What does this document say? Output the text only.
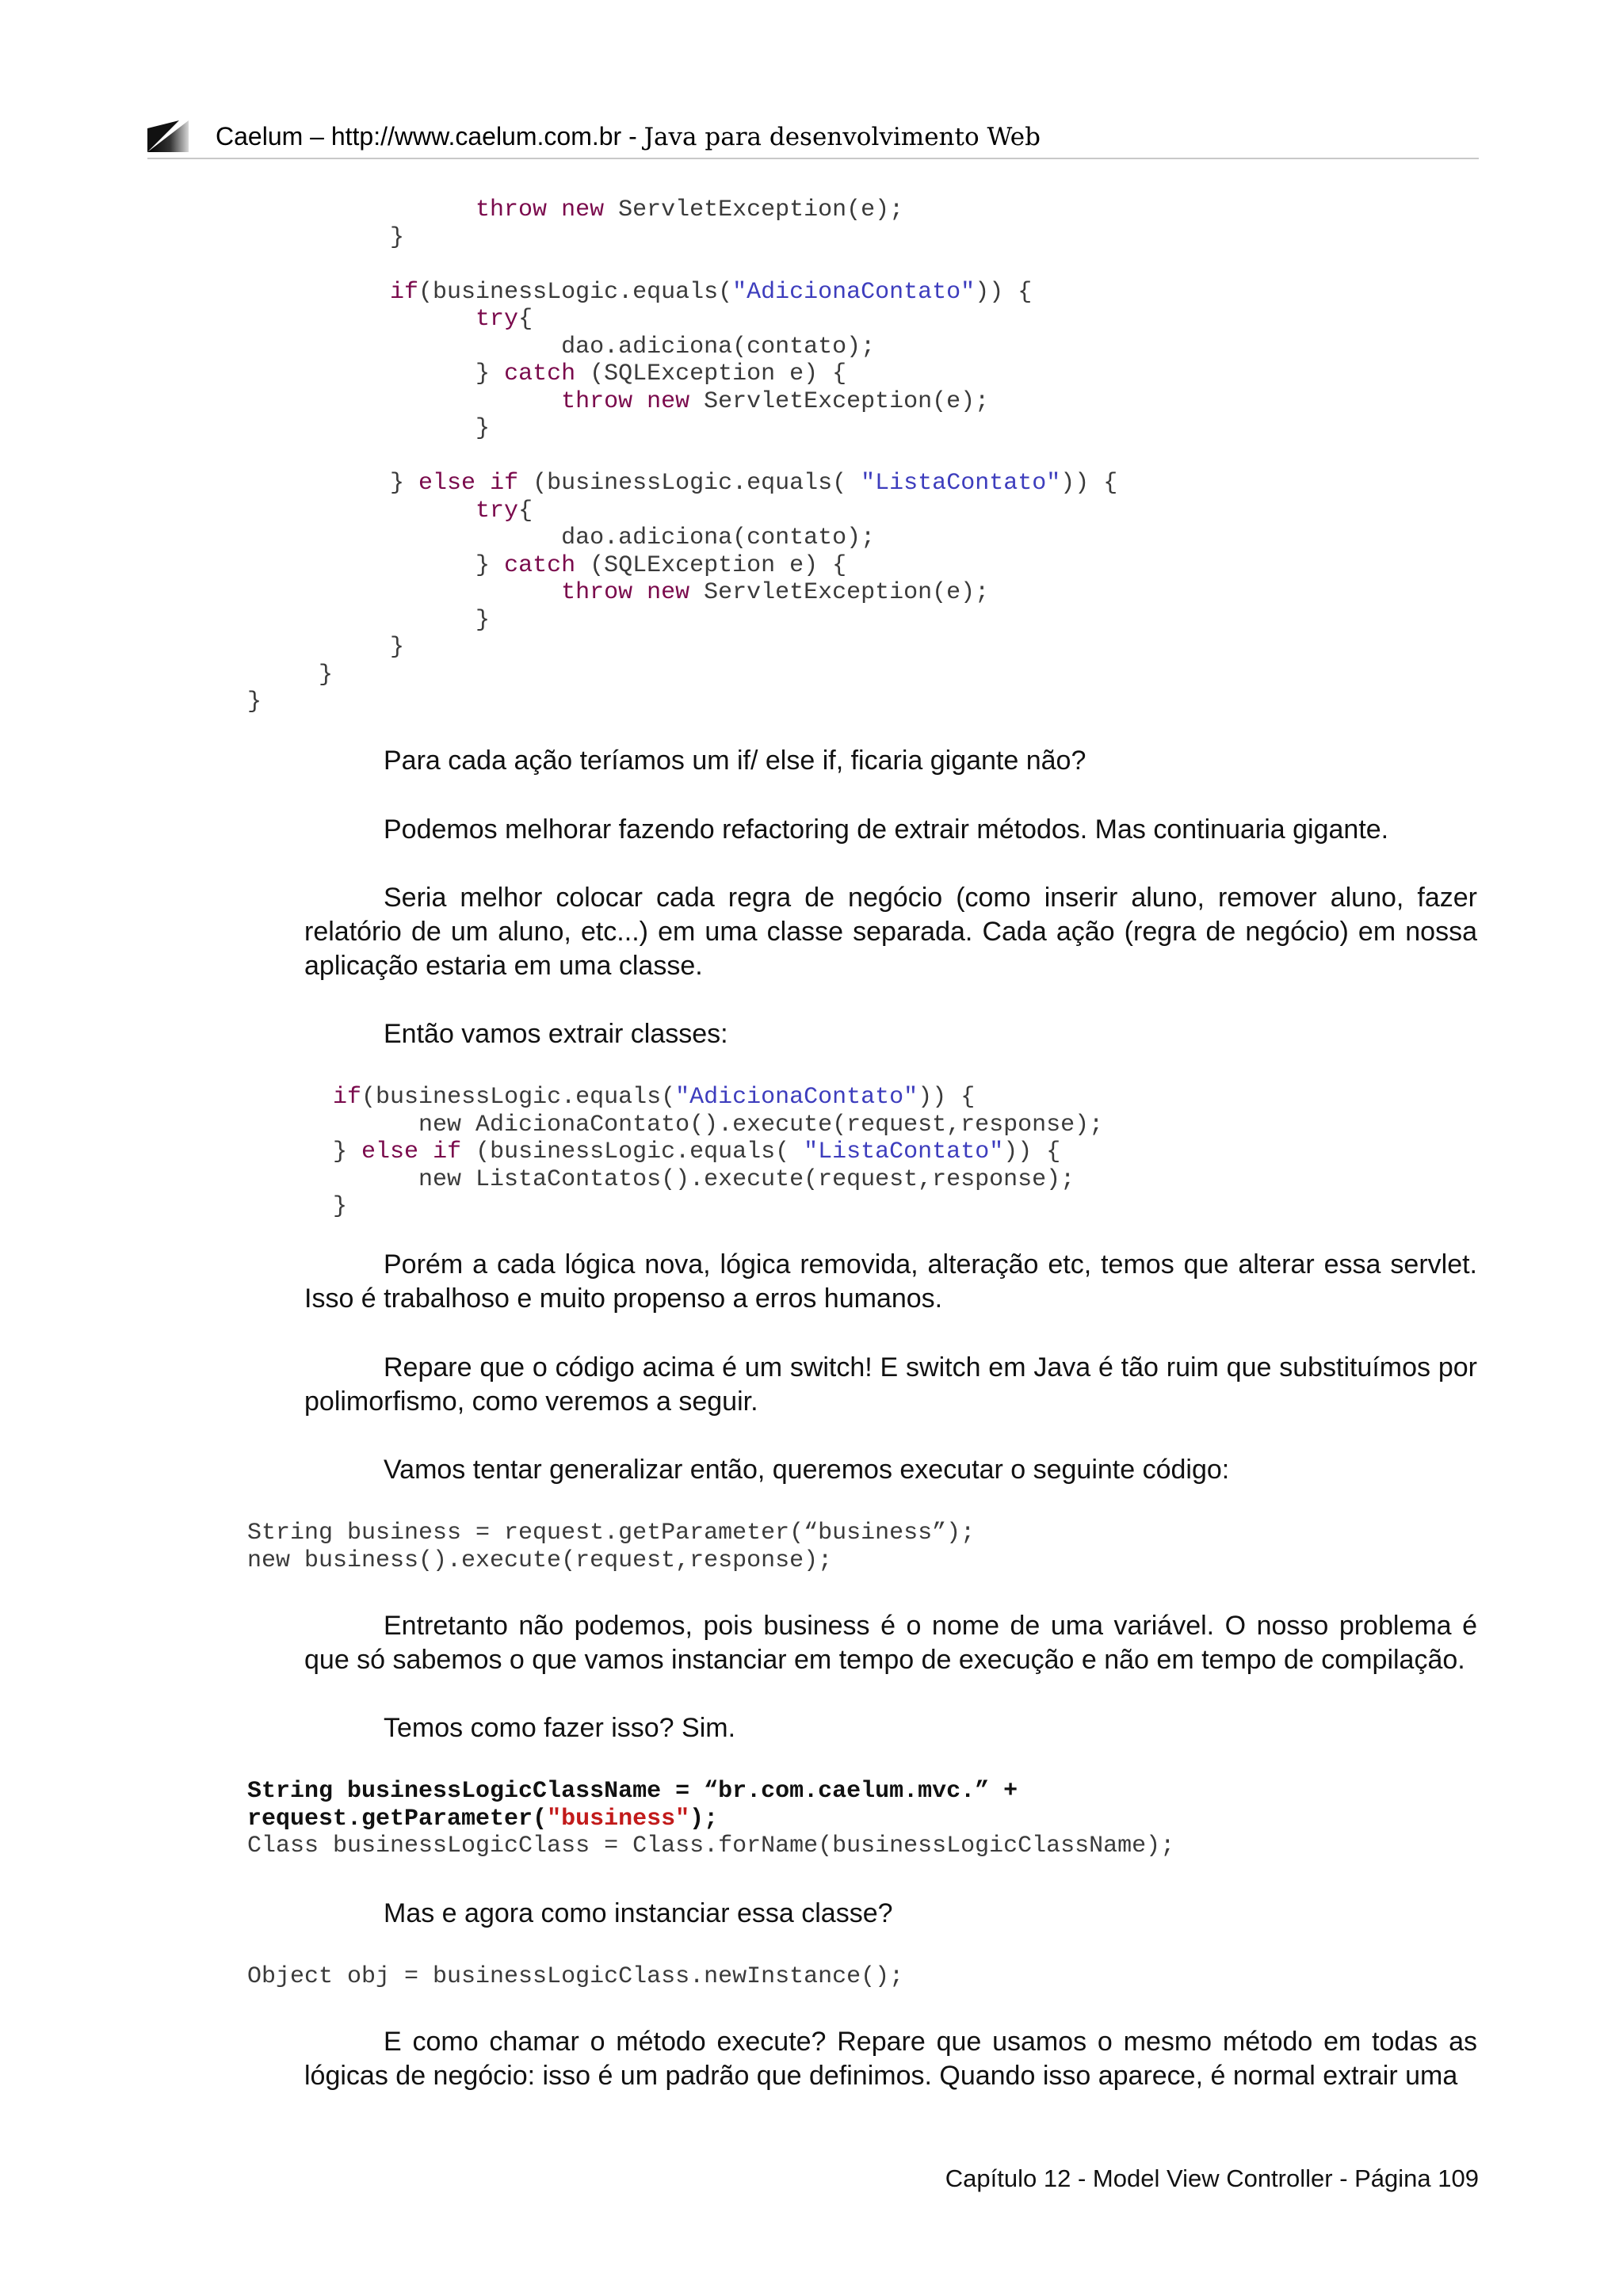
Caelum – http://www.caelum.com.br - Java para desenvolvimento Web
throw new ServletException(e);
}

if(businessLogic.equals("AdicionaContato")) {
try{
dao.adiciona(contato);
} catch (SQLException e) {
throw new ServletException(e);
}

} else if (businessLogic.equals( "ListaContato")) {
try{
dao.adiciona(contato);
} catch (SQLException e) {
throw new ServletException(e);
}
}
}
}

Para cada ação teríamos um if/ else if, ficaria gigante não?

Podemos melhorar fazendo refactoring de extrair métodos. Mas continuaria gigante.

Seria melhor colocar cada regra de negócio (como inserir aluno, remover aluno, fazer relatório de um aluno, etc...) em uma classe separada. Cada ação (regra de negócio) em nossa aplicação estaria em uma classe.

Então vamos extrair classes:

if(businessLogic.equals("AdicionaContato")) {
new AdicionaContato().execute(request,response);
} else if (businessLogic.equals( "ListaContato")) {
new ListaContatos().execute(request,response);
}

Porém a cada lógica nova, lógica removida, alteração etc, temos que alterar essa servlet. Isso é trabalhoso e muito propenso a erros humanos.

Repare que o código acima é um switch! E switch em Java é tão ruim que substituímos por polimorfismo, como veremos a seguir.

Vamos tentar generalizar então, queremos executar o seguinte código:

String business = request.getParameter(“business”);
new business().execute(request,response);

Entretanto não podemos, pois business é o nome de uma variável. O nosso problema é que só sabemos o que vamos instanciar em tempo de execução e não em tempo de compilação.

Temos como fazer isso? Sim.

String businessLogicClassName = “br.com.caelum.mvc.” +
request.getParameter("business");
Class businessLogicClass = Class.forName(businessLogicClassName);

Mas e agora como instanciar essa classe?

Object obj = businessLogicClass.newInstance();

E como chamar o método execute? Repare que usamos o mesmo método em todas as lógicas de negócio: isso é um padrão que definimos. Quando isso aparece, é normal extrair uma

Capítulo 12 - Model View Controller - Página 109
